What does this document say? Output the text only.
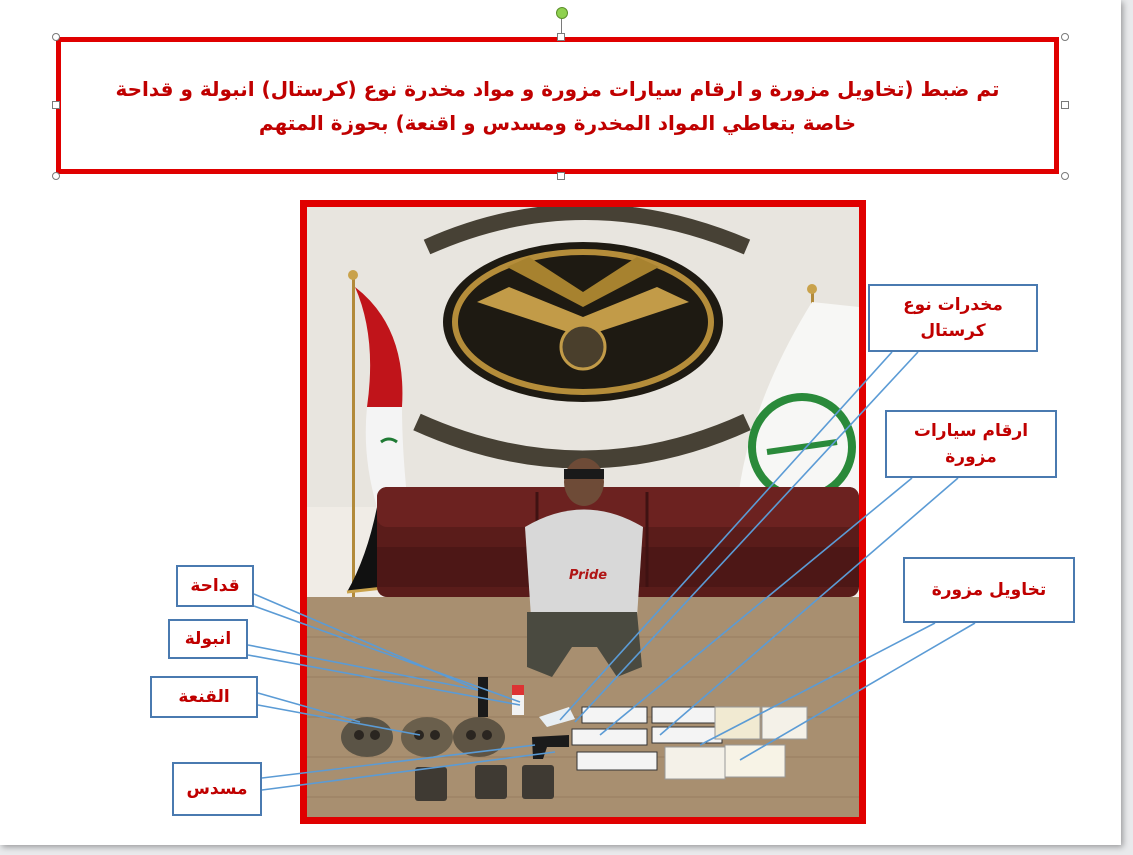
تم ضبط (تخاويل مزورة و ارقام سيارات مزورة و مواد مخدرة نوع (كرستال) انبولة و قداحة
خاصة بتعاطي المواد المخدرة ومسدس و اقنعة) بحوزة المتهم
Pride
مخدرات نوع
كرستال
ارقام سيارات
مزورة
تخاويل مزورة
قداحة
انبولة
القنعة
مسدس
